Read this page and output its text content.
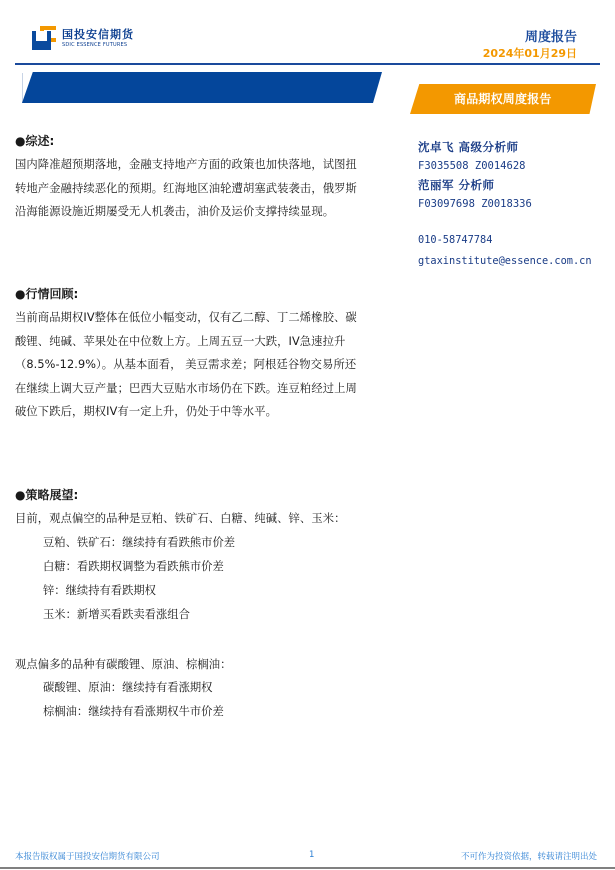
国投安信期货
SDIC ESSENCE FUTURES	周度报告
2024年01月29日
商品期权周度报告
●综述:
国内降准超预期落地，金融支持地产方面的政策也加快落地，试图扭转地产金融持续恶化的预期。红海地区油轮遭胡塞武装袭击，俄罗斯沿海能源设施近期屡受无人机袭击，油价及运价支撑持续显现。
●行情回顾:
当前商品期权IV整体在低位小幅变动，仅有乙二醇、丁二烯橡胶、碳酸锂、纯碱、苹果处在中位数上方。上周五豆一大跌，IV急速拉升（8.5%-12.9%）。从基本面看， 美豆需求差；阿根廷谷物交易所还在继续上调大豆产量；巴西大豆贴水市场仍在下跌。连豆粕经过上周破位下跌后，期权IV有一定上升，仍处于中等水平。
●策略展望:
目前，观点偏空的品种是豆粕、铁矿石、白糖、纯碱、锌、玉米：
豆粕、铁矿石：继续持有看跌熊市价差
白糖：看跌期权调整为看跌熊市价差
锌：继续持有看跌期权
玉米：新增买看跌卖看涨组合
观点偏多的品种有碳酸锂、原油、棕榈油：
碳酸锂、原油：继续持有看涨期权
棕榈油：继续持有看涨期权牛市价差
沈卓飞 高级分析师
F3035508 Z0014628
范丽军 分析师
F03097698 Z0018336
010-58747784
gtaxinstitute@essence.com.cn
本报告版权属于国投安信期货有限公司	1	不可作为投资依据，转载请注明出处
